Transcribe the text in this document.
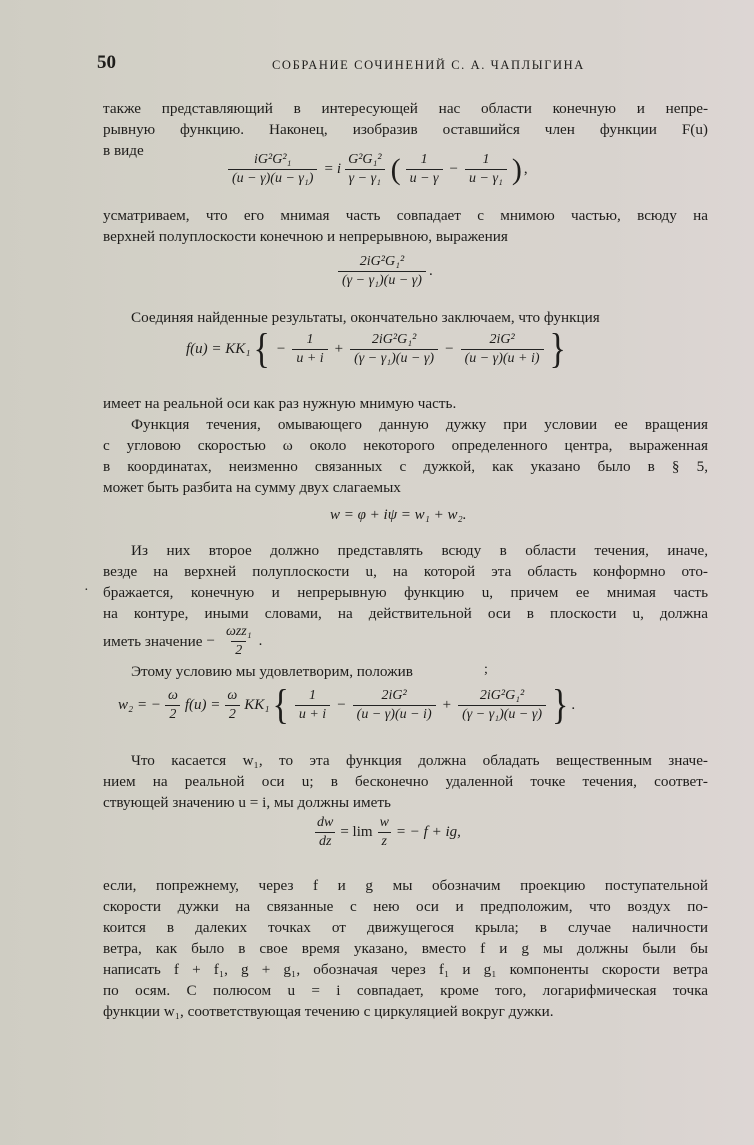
50	СОБРАНИЕ СОЧИНЕНИЙ С. А. ЧАПЛЫГИНА
также представляющий в интересующей нас области конечную и непре-
рывную функцию. Наконец, изобразив оставшийся член функции F(u)
в виде
$\frac{\text{iG²G²₁}}{\text{(u − γ)(u − γ₁)}} = i \frac{\text{G²G₁²}}{\text{γ − γ₁}}$ ( $\frac{1}{u - \gamma} - \frac{1}{\text{u − γ₁}}$ ) ,
усматриваем, что его мнимая часть совпадает с мнимою частью, всюду на
верхней полуплоскости конечною и непрерывною, выражения
$\frac{\text{2iG²G₁²}}{\text{(γ − γ₁)(u − γ)}}$ .
Соединяя найденные результаты, окончательно заключаем, что функция
f(u) = KK₁ { − $\frac{1}{u + i} + \frac{\text{2iG²G₁²}}{\text{(γ − γ₁)(u − γ)}} - \frac{\text{2iG²}}{(u - \gamma)(u + i)}$ }
имеет на реальной оси как раз нужную мнимую часть.
Функция течения, омывающего данную дужку при условии ее вращения
с угловою скоростью ω около некоторого определенного центра, выраженная
в координатах, неизменно связанных с дужкой, как указано было в § 5,
может быть разбита на сумму двух слагаемых
w = φ + iψ = w₁ + w₂.
Из них второе должно представлять всюду в области течения, иначе,
везде на верхней полуплоскости u, на которой эта область конформно ото-
бражается, конечную и непрерывную функцию u, причем ее мнимая часть
на контуре, иными словами, на действительной оси в плоскости u, должна
·
иметь значение − $\frac{\text{ωzz₁}}{2}$ .
Этому условию мы удовлетворим, положив	;
w₂ = − $\frac{\omega}{2} f(u) = \frac{\omega}{2} KK_1$ { $\frac{1}{u + i} - \frac{\text{2iG²}}{(u - \gamma)(u - i)} + \frac{\text{2iG²G₁²}}{\text{(γ − γ₁)(u − γ)}}$ } .
Что касается w₁, то эта функция должна обладать вещественным значе-
нием на реальной оси u; в бесконечно удаленной точке течения, соответ-
ствующей значению u = i, мы должны иметь
$\frac{dw}{dz} = \lim \frac{w}{z}$ = − f + ig,
если, попрежнему, через f и g мы обозначим проекцию поступательной
скорости дужки на связанные с нею оси и предположим, что воздух по-
коится в далеких точках от движущегося крыла; в случае наличности
ветра, как было в свое время указано, вместо f и g мы должны были бы
написать f + f₁, g + g₁, обозначая через f₁ и g₁ компоненты скорости ветра
по осям. С полюсом u = i совпадает, кроме того, логарифмическая точка
функции w₁, соответствующая течению с циркуляцией вокруг дужки.
